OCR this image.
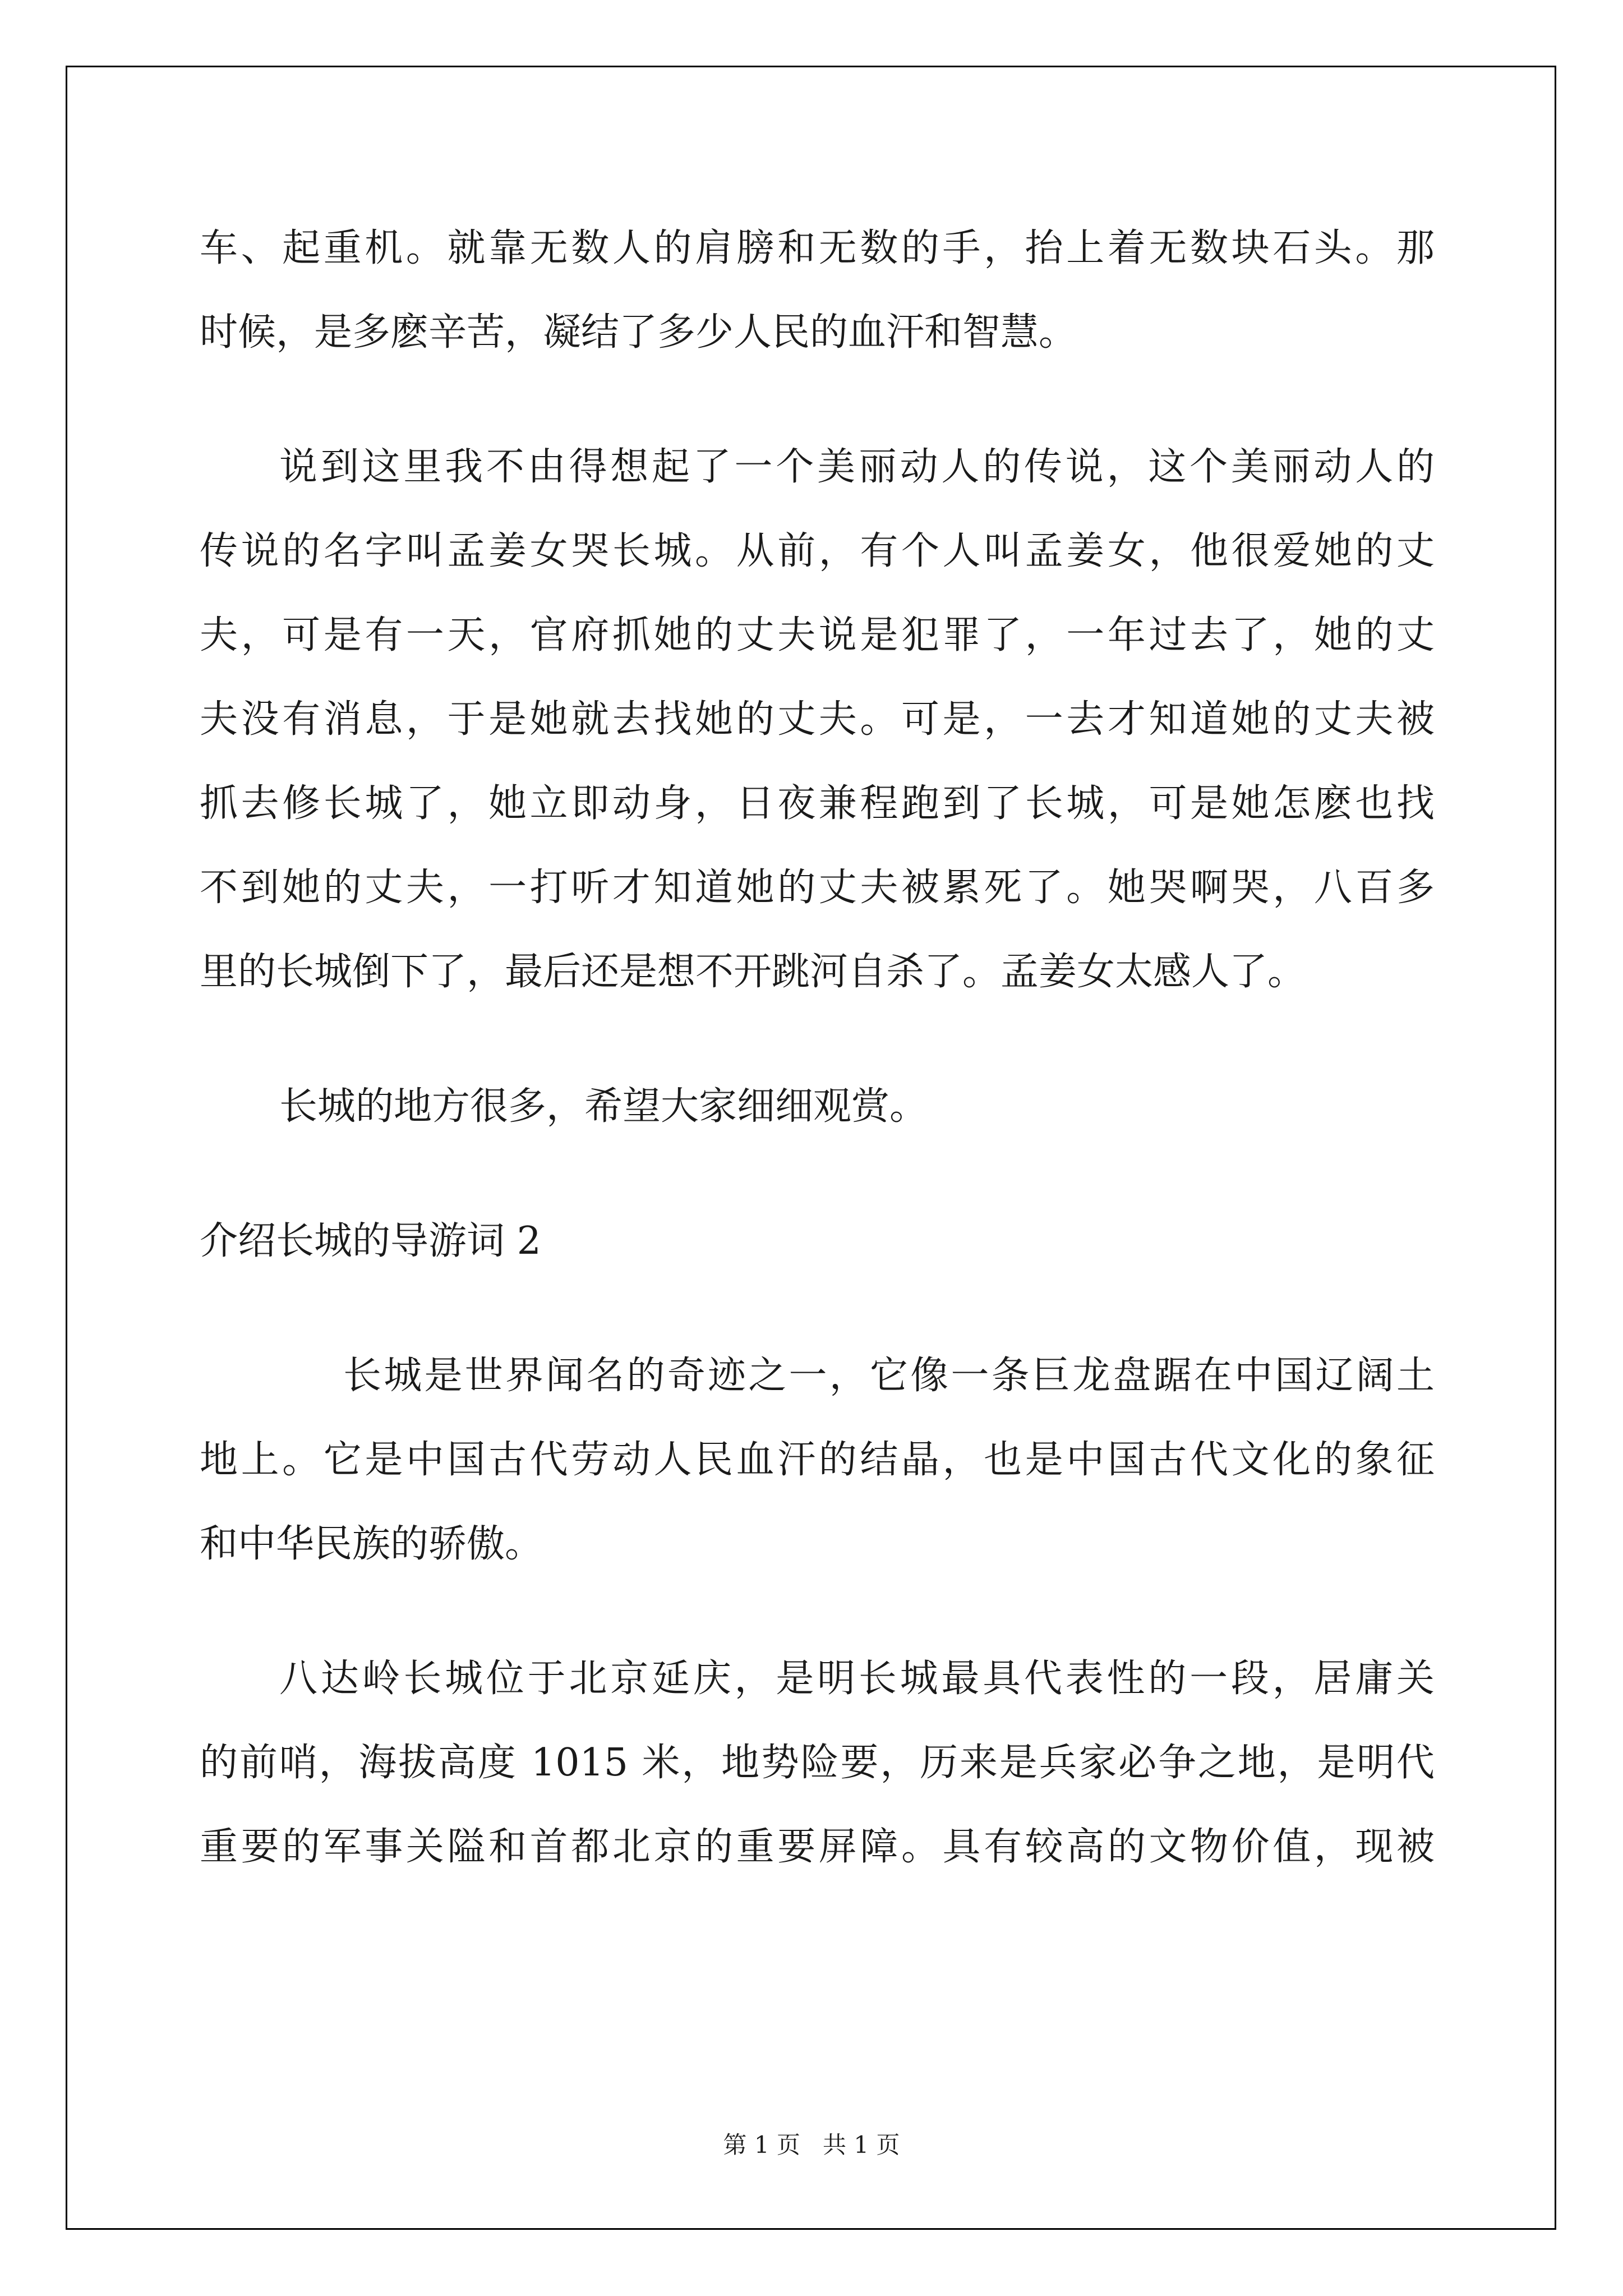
车、起重机。就靠无数人的肩膀和无数的手，抬上着无数块石头。那

时候，是多麽辛苦，凝结了多少人民的血汗和智慧。

说到这里我不由得想起了一个美丽动人的传说，这个美丽动人的

传说的名字叫孟姜女哭长城。从前，有个人叫孟姜女，他很爱她的丈

夫，可是有一天，官府抓她的丈夫说是犯罪了，一年过去了，她的丈

夫没有消息，于是她就去找她的丈夫。可是，一去才知道她的丈夫被

抓去修长城了，她立即动身，日夜兼程跑到了长城，可是她怎麽也找

不到她的丈夫，一打听才知道她的丈夫被累死了。她哭啊哭，八百多

里的长城倒下了，最后还是想不开跳河自杀了。孟姜女太感人了。

长城的地方很多，希望大家细细观赏。

介绍长城的导游词 2

长城是世界闻名的奇迹之一，它像一条巨龙盘踞在中国辽阔土

地上。它是中国古代劳动人民血汗的结晶，也是中国古代文化的象征

和中华民族的骄傲。

八达岭长城位于北京延庆，是明长城最具代表性的一段，居庸关

的前哨，海拔高度 1015 米，地势险要，历来是兵家必争之地，是明代

重要的军事关隘和首都北京的重要屏障。具有较高的文物价值，现被

第 1 页   共 1 页
